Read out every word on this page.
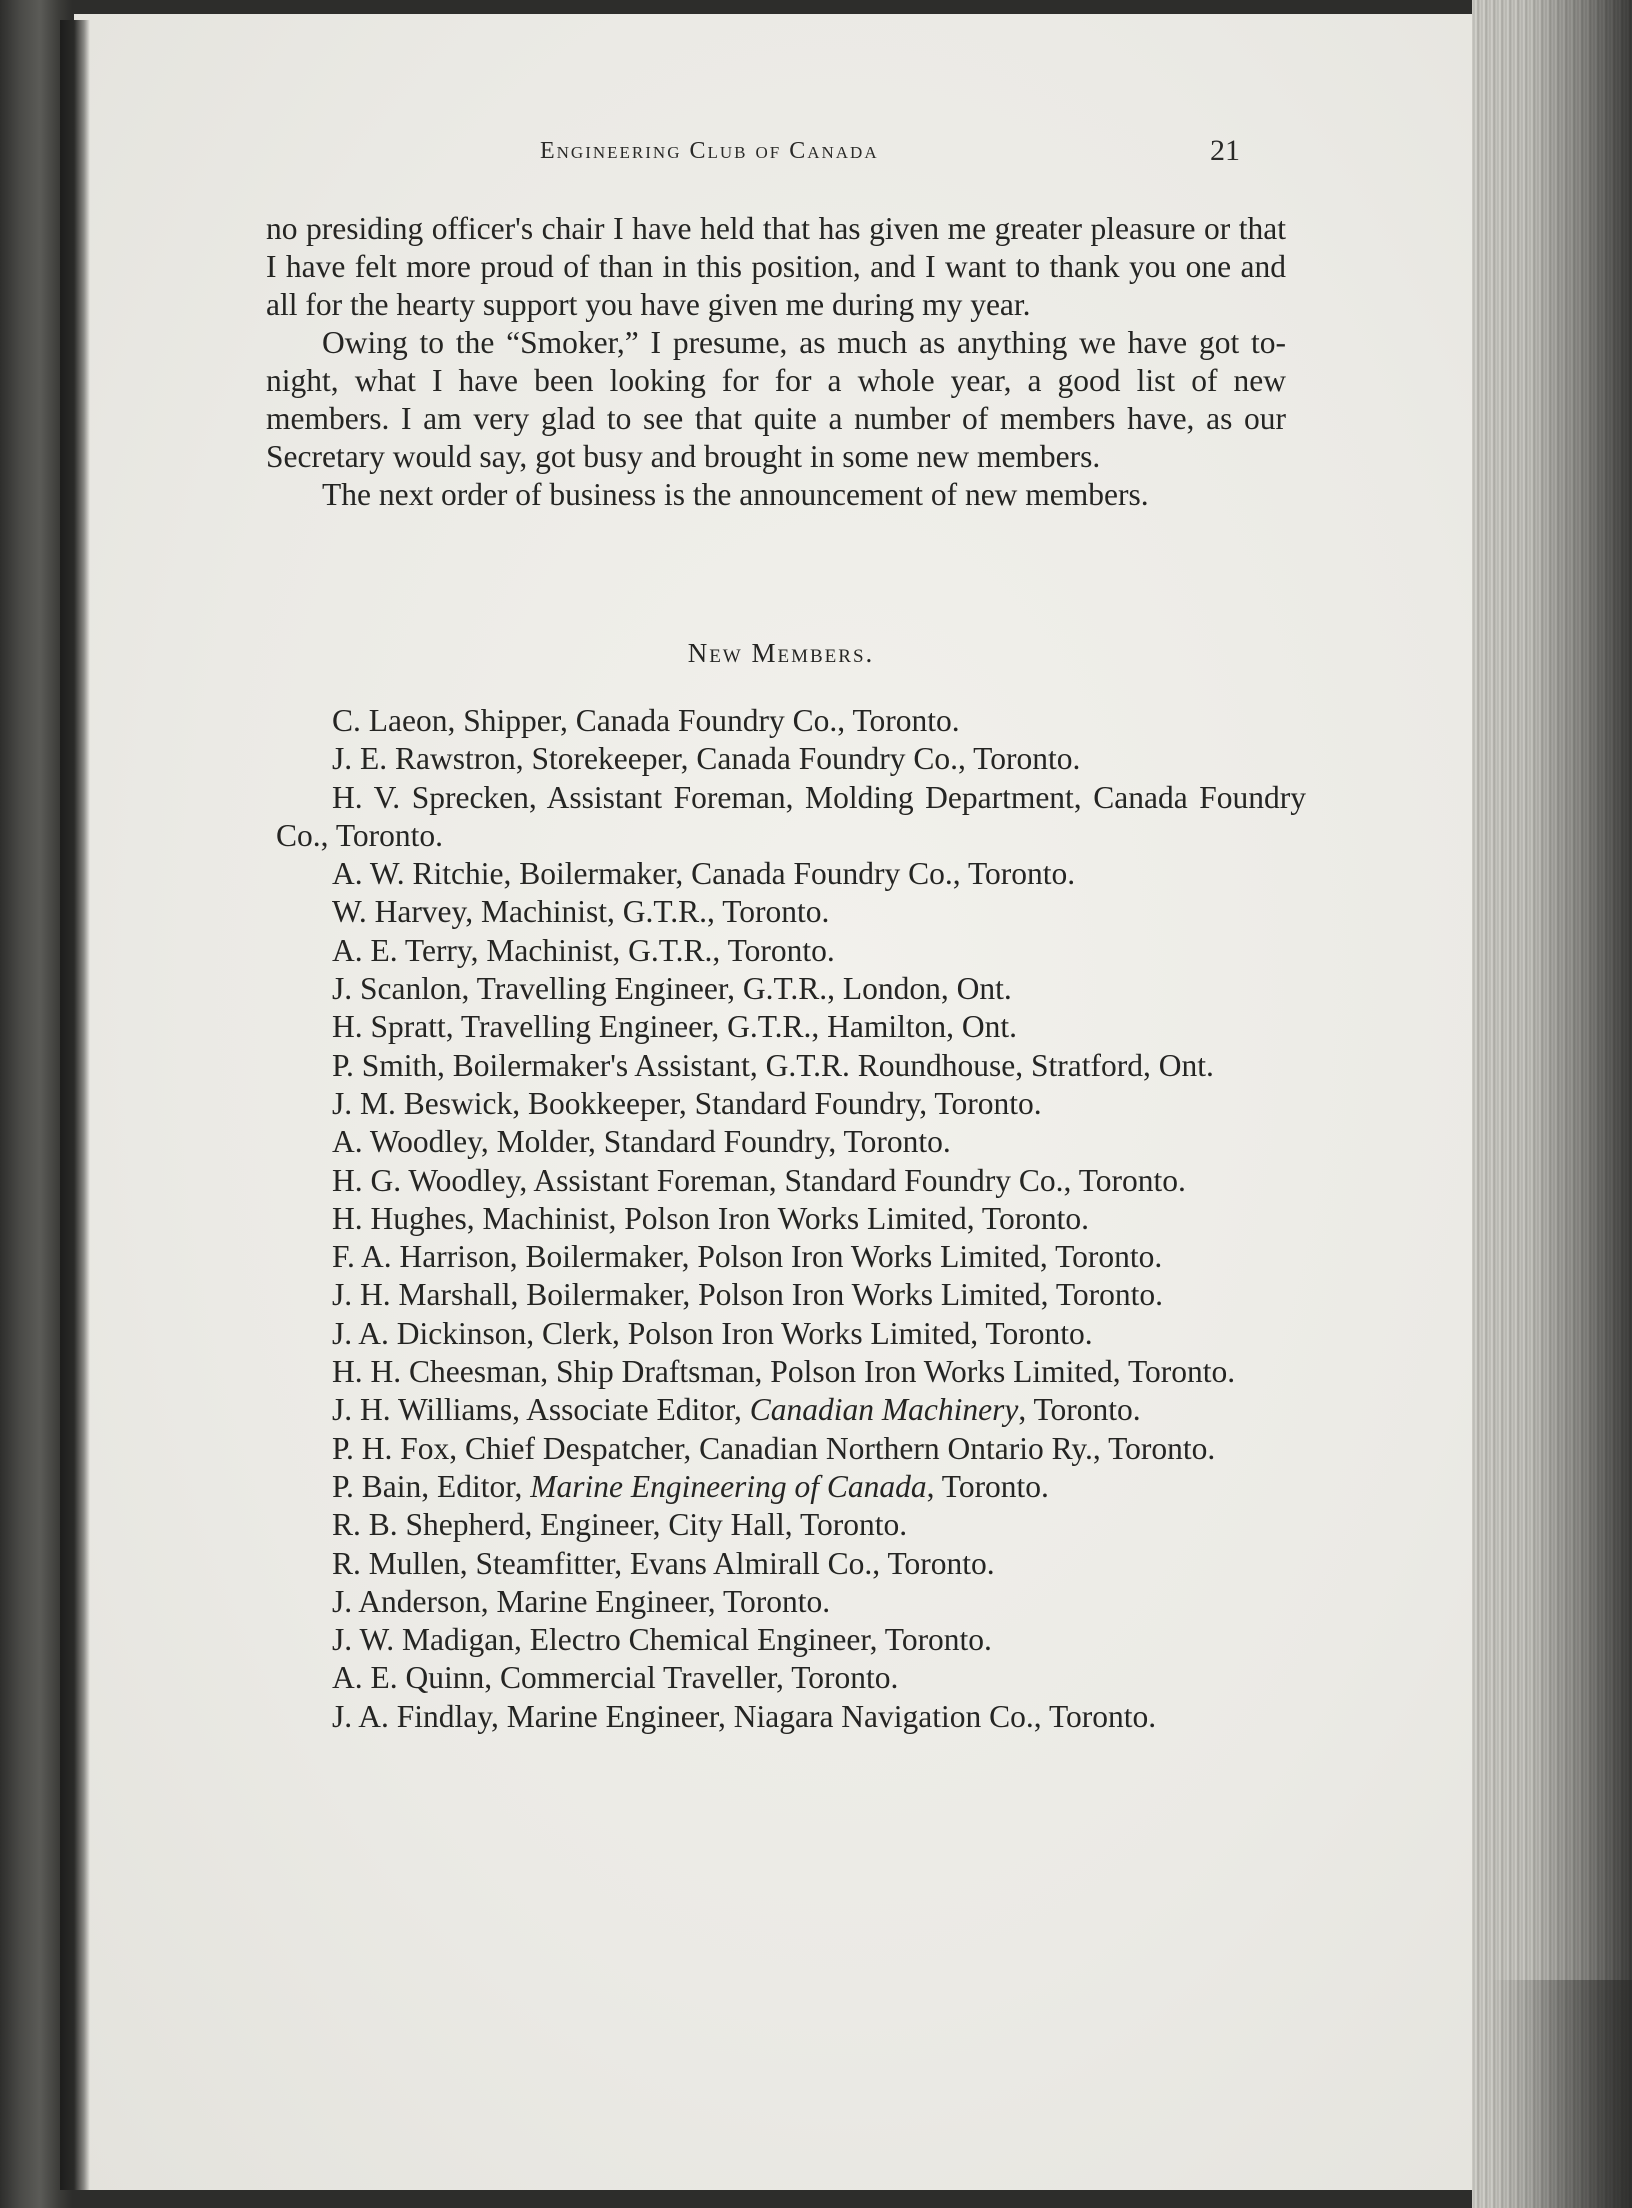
Engineering Club of Canada	21

no presiding officer's chair I have held that has given me greater pleasure or that I have felt more proud of than in this position, and I want to thank you one and all for the hearty support you have given me during my year.

Owing to the “Smoker,” I presume, as much as anything we have got to-night, what I have been looking for for a whole year, a good list of new members. I am very glad to see that quite a number of members have, as our Secretary would say, got busy and brought in some new members.

The next order of business is the announcement of new members.

New Members.
C. Laeon, Shipper, Canada Foundry Co., Toronto.
J. E. Rawstron, Storekeeper, Canada Foundry Co., Toronto.
H. V. Sprecken, Assistant Foreman, Molding Department, Canada Foundry Co., Toronto.
A. W. Ritchie, Boilermaker, Canada Foundry Co., Toronto.
W. Harvey, Machinist, G.T.R., Toronto.
A. E. Terry, Machinist, G.T.R., Toronto.
J. Scanlon, Travelling Engineer, G.T.R., London, Ont.
H. Spratt, Travelling Engineer, G.T.R., Hamilton, Ont.
P. Smith, Boilermaker's Assistant, G.T.R. Roundhouse, Stratford, Ont.
J. M. Beswick, Bookkeeper, Standard Foundry, Toronto.
A. Woodley, Molder, Standard Foundry, Toronto.
H. G. Woodley, Assistant Foreman, Standard Foundry Co., Toronto.
H. Hughes, Machinist, Polson Iron Works Limited, Toronto.
F. A. Harrison, Boilermaker, Polson Iron Works Limited, Toronto.
J. H. Marshall, Boilermaker, Polson Iron Works Limited, Toronto.
J. A. Dickinson, Clerk, Polson Iron Works Limited, Toronto.
H. H. Cheesman, Ship Draftsman, Polson Iron Works Limited, Toronto.
J. H. Williams, Associate Editor, Canadian Machinery, Toronto.
P. H. Fox, Chief Despatcher, Canadian Northern Ontario Ry., Toronto.
P. Bain, Editor, Marine Engineering of Canada, Toronto.
R. B. Shepherd, Engineer, City Hall, Toronto.
R. Mullen, Steamfitter, Evans Almirall Co., Toronto.
J. Anderson, Marine Engineer, Toronto.
J. W. Madigan, Electro Chemical Engineer, Toronto.
A. E. Quinn, Commercial Traveller, Toronto.
J. A. Findlay, Marine Engineer, Niagara Navigation Co., Toronto.
